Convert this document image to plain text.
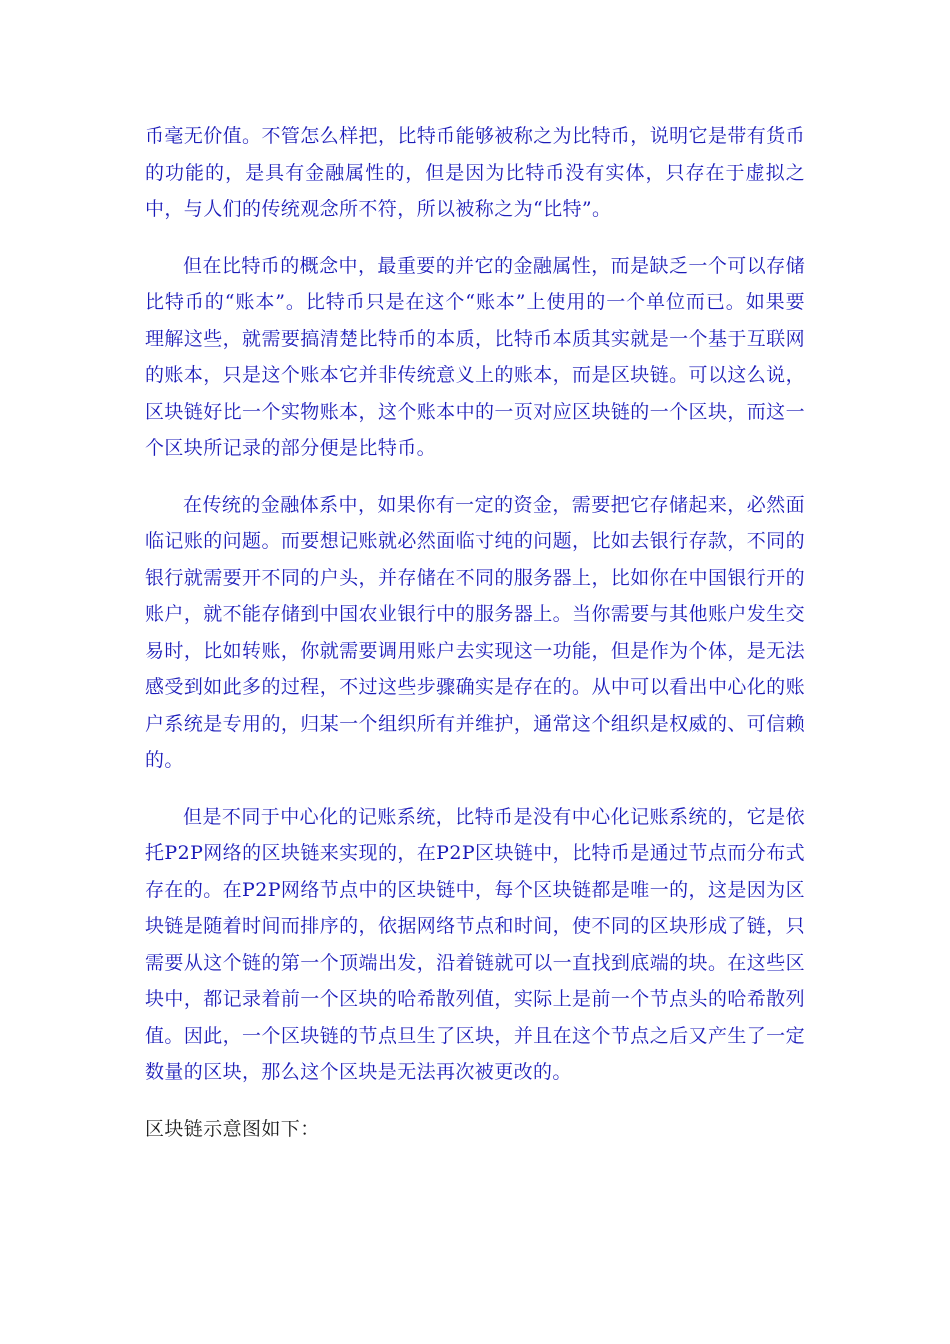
币毫无价值。不管怎么样把，比特币能够被称之为比特币，说明它是带有货币的功能的，是具有金融属性的，但是因为比特币没有实体，只存在于虚拟之中，与人们的传统观念所不符，所以被称之为“比特”。

但在比特币的概念中，最重要的并它的金融属性，而是缺乏一个可以存储比特币的“账本”。比特币只是在这个“账本”上使用的一个单位而已。如果要理解这些，就需要搞清楚比特币的本质，比特币本质其实就是一个基于互联网的账本，只是这个账本它并非传统意义上的账本，而是区块链。可以这么说，区块链好比一个实物账本，这个账本中的一页对应区块链的一个区块，而这一个区块所记录的部分便是比特币。

在传统的金融体系中，如果你有一定的资金，需要把它存储起来，必然面临记账的问题。而要想记账就必然面临寸纯的问题，比如去银行存款，不同的银行就需要开不同的户头，并存储在不同的服务器上，比如你在中国银行开的账户，就不能存储到中国农业银行中的服务器上。当你需要与其他账户发生交易时，比如转账，你就需要调用账户去实现这一功能，但是作为个体，是无法感受到如此多的过程，不过这些步骤确实是存在的。从中可以看出中心化的账户系统是专用的，归某一个组织所有并维护，通常这个组织是权威的、可信赖的。

但是不同于中心化的记账系统，比特币是没有中心化记账系统的，它是依托P2P网络的区块链来实现的，在P2P区块链中，比特币是通过节点而分布式存在的。在P2P网络节点中的区块链中，每个区块链都是唯一的，这是因为区块链是随着时间而排序的，依据网络节点和时间，使不同的区块形成了链，只需要从这个链的第一个顶端出发，沿着链就可以一直找到底端的块。在这些区块中，都记录着前一个区块的哈希散列值，实际上是前一个节点头的哈希散列值。因此，一个区块链的节点旦生了区块，并且在这个节点之后又产生了一定数量的区块，那么这个区块是无法再次被更改的。

区块链示意图如下：
